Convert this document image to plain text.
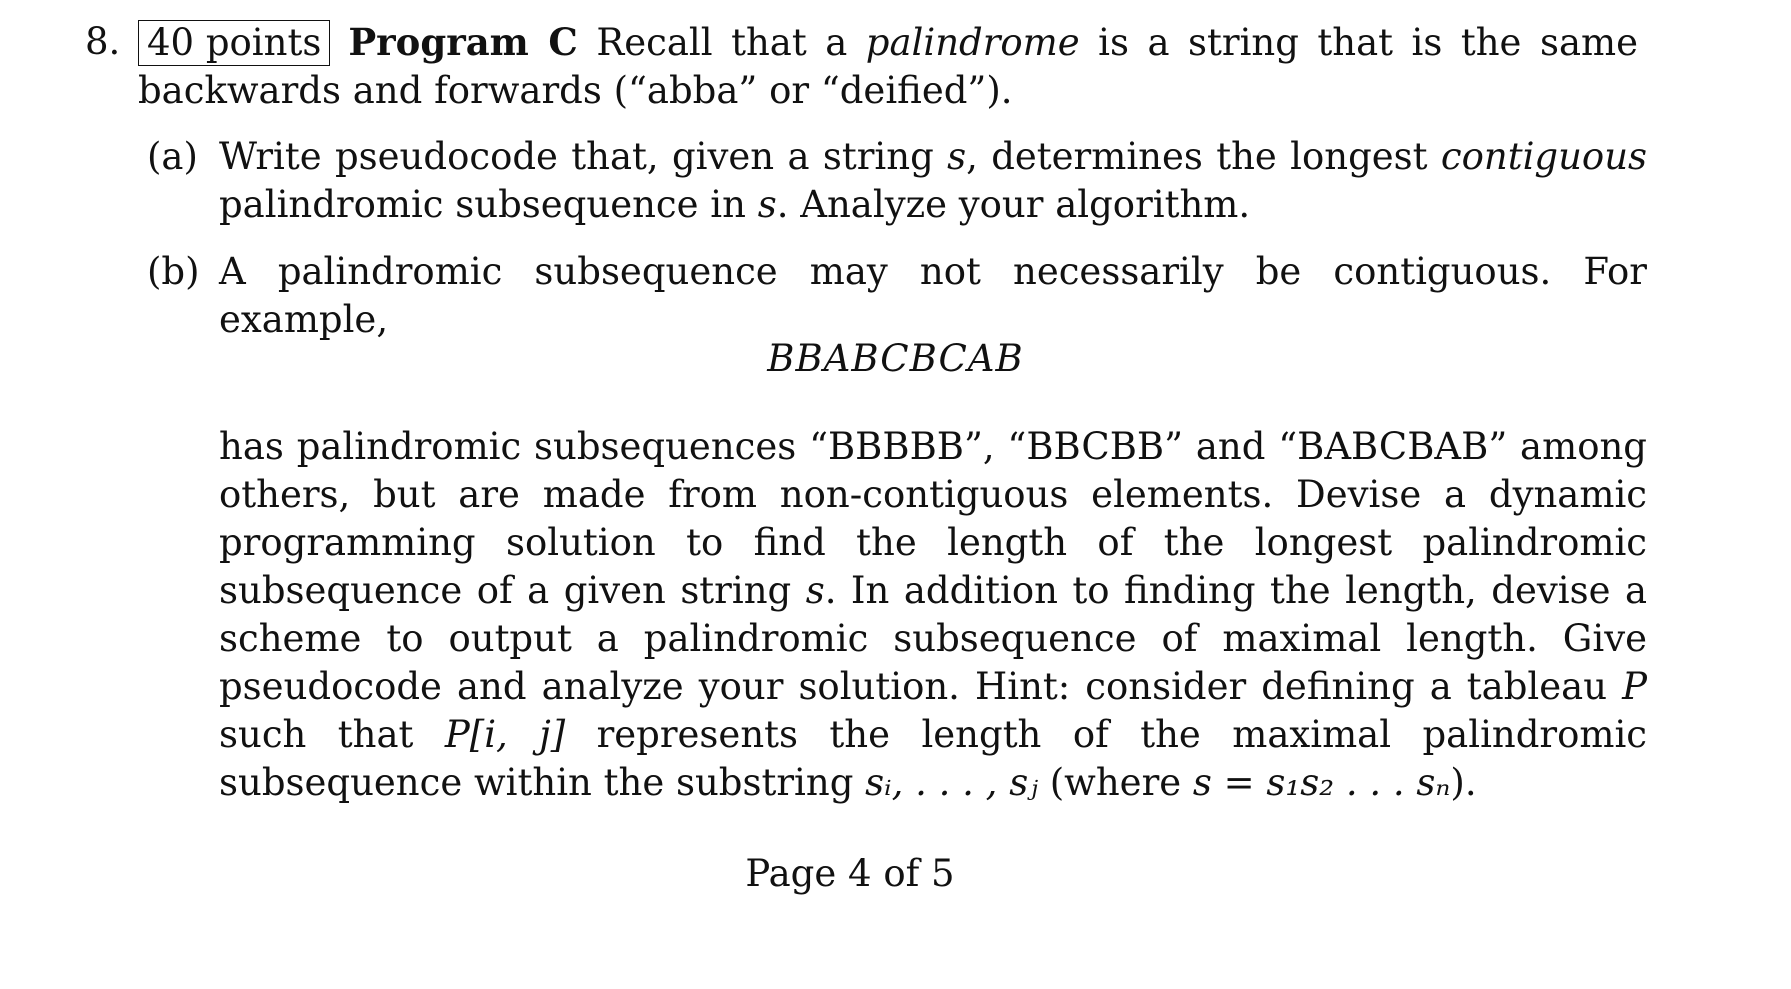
8. 40 points Program C Recall that a palindrome is a string that is the same backwards and forwards (“abba” or “deified”).
(a) Write pseudocode that, given a string s, determines the longest contiguous palindromic subsequence in s. Analyze your algorithm.
(b) A palindromic subsequence may not necessarily be contiguous. For example,
BBABCBCAB
has palindromic subsequences “BBBBB”, “BBCBB” and “BABCBAB” among others, but are made from non-contiguous elements. Devise a dynamic programming solution to find the length of the longest palindromic subsequence of a given string s. In addition to finding the length, devise a scheme to output a palindromic subsequence of maximal length. Give pseudocode and analyze your solution. Hint: consider defining a tableau P such that P[i, j] represents the length of the maximal palindromic subsequence within the substring sᵢ, . . . , sⱼ (where s = s₁s₂ . . . sₙ).
Page 4 of 5
